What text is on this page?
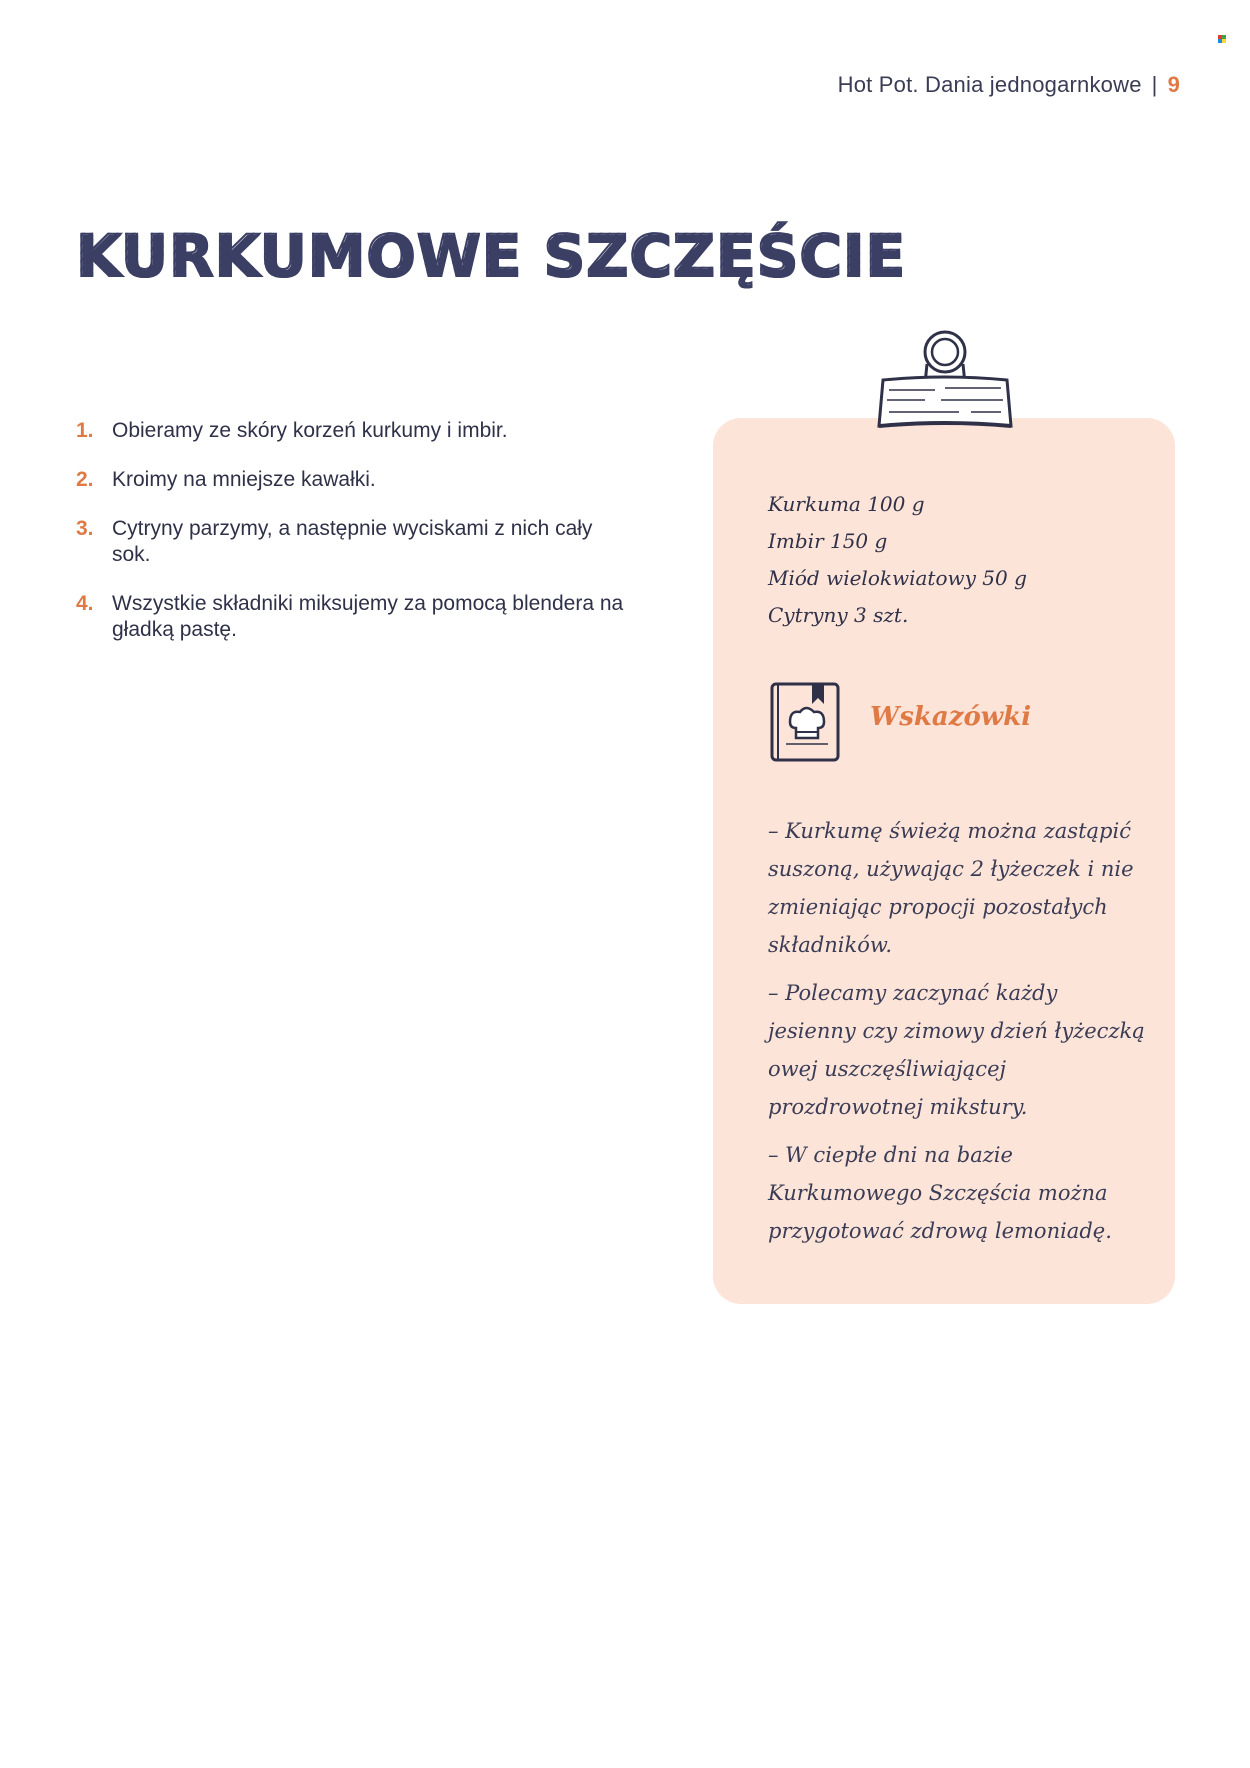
Hot Pot. Dania jednogarnkowe | 9
KURKUMOWE SZCZĘŚCIE
1. Obieramy ze skóry korzeń kurkumy i imbir.
2. Kroimy na mniejsze kawałki.
3. Cytryny parzymy, a następnie wyciskami z nich cały sok.
4. Wszystkie składniki miksujemy za pomocą blendera na gładką pastę.
Kurkuma 100 g
Imbir 150 g
Miód wielokwiatowy 50 g
Cytryny 3 szt.
Wskazówki

– Kurkumę świeżą można zastąpić suszoną, używając 2 łyżeczek i nie zmieniając propocji pozostałych składników.

– Polecamy zaczynać każdy jesienny czy zimowy dzień łyżeczką owej uszczęśliwiającej prozdrowotnej mikstury.

– W ciepłe dni na bazie Kurkumowego Szczęścia można przygotować zdrową lemoniadę.
